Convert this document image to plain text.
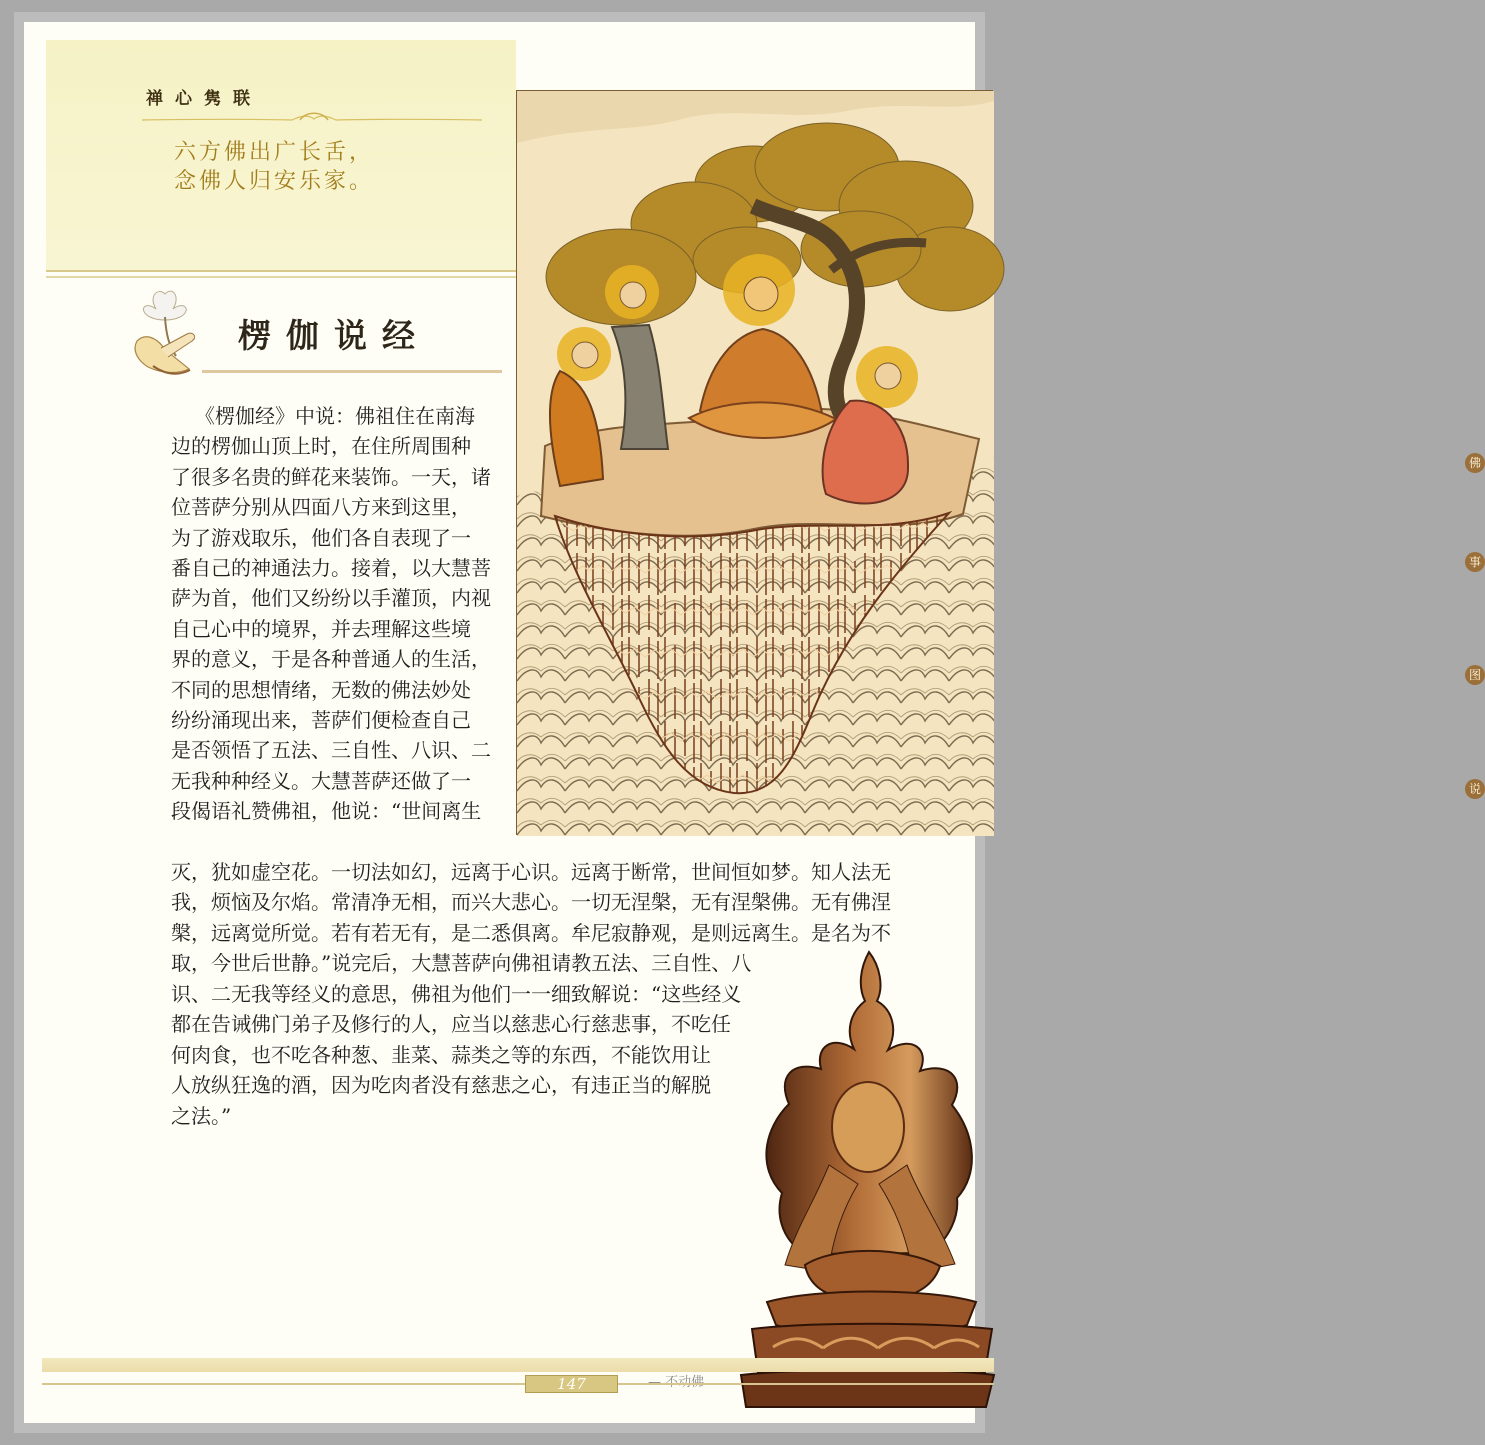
禅心隽联
六方佛出广长舌，
念佛人归安乐家。
楞伽说经
佛
事
图
说
《楞伽经》中说：佛祖住在南海
边的楞伽山顶上时，在住所周围种
了很多名贵的鲜花来装饰。一天，诸
位菩萨分别从四面八方来到这里，
为了游戏取乐，他们各自表现了一
番自己的神通法力。接着，以大慧菩
萨为首，他们又纷纷以手灌顶，内视
自己心中的境界，并去理解这些境
界的意义，于是各种普通人的生活，
不同的思想情绪，无数的佛法妙处
纷纷涌现出来，菩萨们便检查自己
是否领悟了五法、三自性、八识、二
无我种种经义。大慧菩萨还做了一
段偈语礼赞佛祖，他说：“世间离生
灭，犹如虚空花。一切法如幻，远离于心识。远离于断常，世间恒如梦。知人法无
我，烦恼及尔焰。常清净无相，而兴大悲心。一切无涅槃，无有涅槃佛。无有佛涅
槃，远离觉所觉。若有若无有，是二悉俱离。牟尼寂静观，是则远离生。是名为不
取，今世后世静。”说完后，大慧菩萨向佛祖请教五法、三自性、八
识、二无我等经义的意思，佛祖为他们一一细致解说：“这些经义
都在告诫佛门弟子及修行的人，应当以慈悲心行慈悲事，不吃任
何肉食，也不吃各种葱、韭菜、蒜类之等的东西，不能饮用让
人放纵狂逸的酒，因为吃肉者没有慈悲之心，有违正当的解脱
之法。”
147
